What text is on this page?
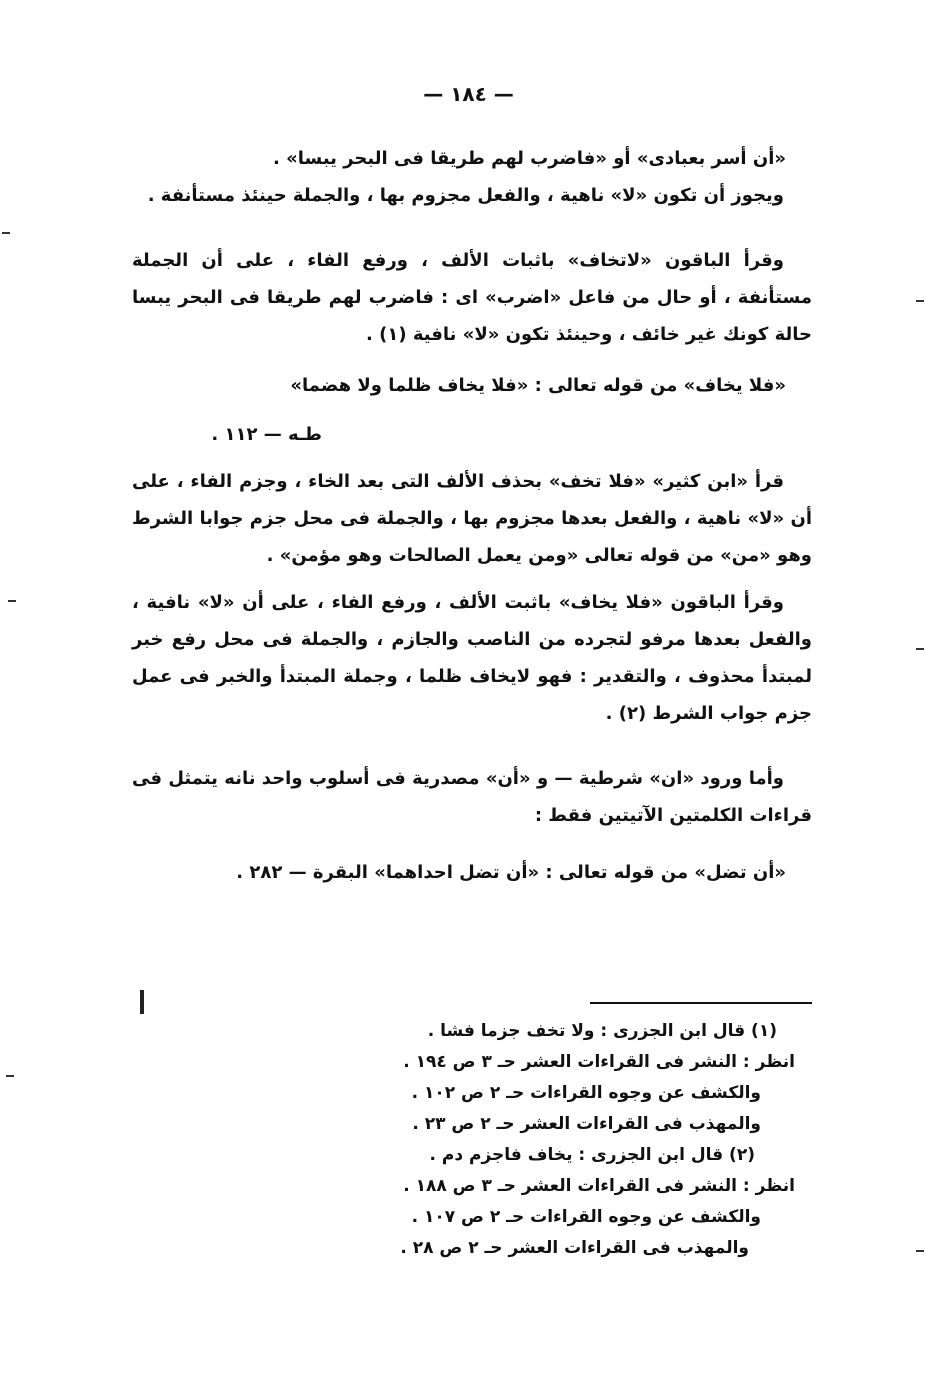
— ١٨٤ —

«أن أسر بعبادى» أو «فاضرب لهم طريقا فى البحر يبسا» .

ويجوز أن تكون «لا» ناهية ، والفعل مجزوم بها ، والجملة حينئذ مستأنفة .

وقرأ الباقون «لاتخاف» باثبات الألف ، ورفع الفاء ، على أن الجملة مستأنفة ، أو حال من فاعل «اضرب» اى : فاضرب لهم طريقا فى البحر يبسا حالة كونك غير خائف ، وحينئذ تكون «لا» نافية (١) .

«فلا يخاف» من قوله تعالى : «فلا يخاف ظلما ولا هضما»

طـه — ١١٢ .

قرأ «ابن كثير» «فلا تخف» بحذف الألف التى بعد الخاء ، وجزم الفاء ، على أن «لا» ناهية ، والفعل بعدها مجزوم بها ، والجملة فى محل جزم جوابا الشرط وهو «من» من قوله تعالى «ومن يعمل الصالحات وهو مؤمن» .

وقرأ الباقون «فلا يخاف» باثبت الألف ، ورفع الفاء ، على أن «لا» نافية ، والفعل بعدها مرفو لتجرده من الناصب والجازم ، والجملة فى محل رفع خبر لمبتدأ محذوف ، والتقدير : فهو لايخاف ظلما ، وجملة المبتدأ والخبر فى عمل جزم جواب الشرط (٢) .

وأما ورود «ان» شرطية — و «أن» مصدرية فى أسلوب واحد نانه يتمثل فى قراءات الكلمتين الآتيتين فقط :

«أن تضل» من قوله تعالى : «أن تضل احداهما» البقرة — ٢٨٢ .

(١) قال ابن الجزرى : ولا تخف جزما فشا .

انظر : النشر فى القراءات العشر حـ ٣ ص ١٩٤ .

والكشف عن وجوه القراءات حـ ٢ ص ١٠٢ .

والمهذب فى القراءات العشر حـ ٢ ص ٢٣ .

(٢) قال ابن الجزرى : يخاف فاجزم دم .

انظر : النشر فى القراءات العشر حـ ٣ ص ١٨٨ .

والكشف عن وجوه القراءات حـ ٢ ص ١٠٧ .

والمهذب فى القراءات العشر حـ ٢ ص ٢٨ .
